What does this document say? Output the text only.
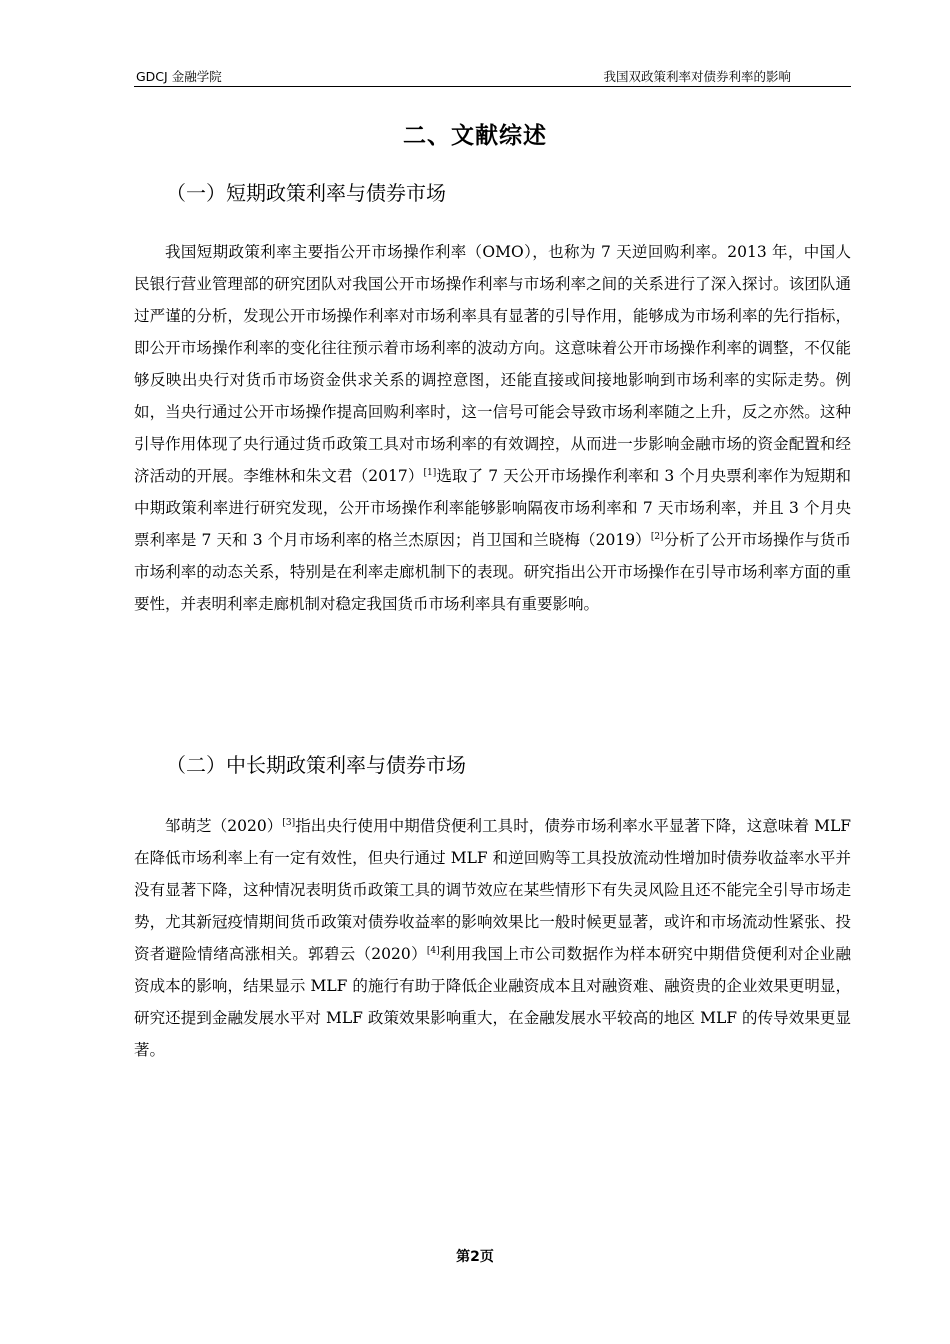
GDCJ 金融学院	我国双政策利率对债券利率的影响
二、文献综述
（一）短期政策利率与债券市场

我国短期政策利率主要指公开市场操作利率（OMO），也称为 7 天逆回购利率。2013 年，中国人民银行营业管理部的研究团队对我国公开市场操作利率与市场利率之间的关系进行了深入探讨。该团队通过严谨的分析，发现公开市场操作利率对市场利率具有显著的引导作用，能够成为市场利率的先行指标，即公开市场操作利率的变化往往预示着市场利率的波动方向。这意味着公开市场操作利率的调整，不仅能够反映出央行对货币市场资金供求关系的调控意图，还能直接或间接地影响到市场利率的实际走势。例如，当央行通过公开市场操作提高回购利率时，这一信号可能会导致市场利率随之上升，反之亦然。这种引导作用体现了央行通过货币政策工具对市场利率的有效调控，从而进一步影响金融市场的资金配置和经济活动的开展。李维林和朱文君（2017）[1]选取了 7 天公开市场操作利率和 3 个月央票利率作为短期和中期政策利率进行研究发现，公开市场操作利率能够影响隔夜市场利率和 7 天市场利率，并且 3 个月央票利率是 7 天和 3 个月市场利率的格兰杰原因；肖卫国和兰晓梅（2019）[2]分析了公开市场操作与货币市场利率的动态关系，特别是在利率走廊机制下的表现。研究指出公开市场操作在引导市场利率方面的重要性，并表明利率走廊机制对稳定我国货币市场利率具有重要影响。

（二）中长期政策利率与债券市场

邹萌芝（2020）[3]指出央行使用中期借贷便利工具时，债券市场利率水平显著下降，这意味着 MLF 在降低市场利率上有一定有效性，但央行通过 MLF 和逆回购等工具投放流动性增加时债券收益率水平并没有显著下降，这种情况表明货币政策工具的调节效应在某些情形下有失灵风险且还不能完全引导市场走势，尤其新冠疫情期间货币政策对债券收益率的影响效果比一般时候更显著，或许和市场流动性紧张、投资者避险情绪高涨相关。郭碧云（2020）[4]利用我国上市公司数据作为样本研究中期借贷便利对企业融资成本的影响，结果显示 MLF 的施行有助于降低企业融资成本且对融资难、融资贵的企业效果更明显，研究还提到金融发展水平对 MLF 政策效果影响重大，在金融发展水平较高的地区 MLF 的传导效果更显著。

第2页
